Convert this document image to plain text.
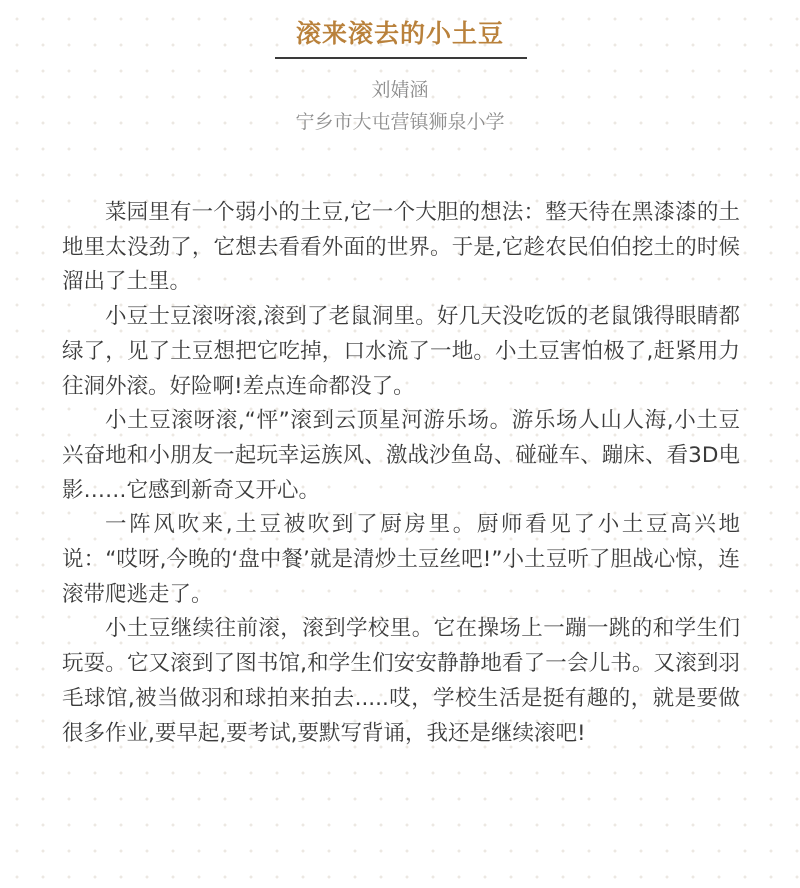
滚来滚去的小土豆
刘婧涵
宁乡市大屯营镇狮泉小学

菜园里有一个弱小的土豆,它一个大胆的想法：整天待在黑漆漆的土地里太没劲了，它想去看看外面的世界。于是,它趁农民伯伯挖土的时候溜出了土里。

小豆士豆滚呀滚,滚到了老鼠洞里。好几天没吃饭的老鼠饿得眼睛都绿了，见了土豆想把它吃掉，口水流了一地。小土豆害怕极了,赶紧用力往洞外滚。好险啊!差点连命都没了。

小土豆滚呀滚,“怦”滚到云顶星河游乐场。游乐场人山人海,小土豆兴奋地和小朋友一起玩幸运族风、激战沙鱼岛、碰碰车、蹦床、看3D电影……它感到新奇又开心。

一阵风吹来,土豆被吹到了厨房里。厨师看见了小土豆高兴地说：“哎呀,今晚的‘盘中餐’就是清炒土豆丝吧!”小土豆听了胆战心惊，连滚带爬逃走了。

小土豆继续往前滚，滚到学校里。它在操场上一蹦一跳的和学生们玩耍。它又滚到了图书馆,和学生们安安静静地看了一会儿书。又滚到羽毛球馆,被当做羽和球拍来拍去.....哎，学校生活是挺有趣的，就是要做很多作业,要早起,要考试,要默写背诵，我还是继续滚吧!
